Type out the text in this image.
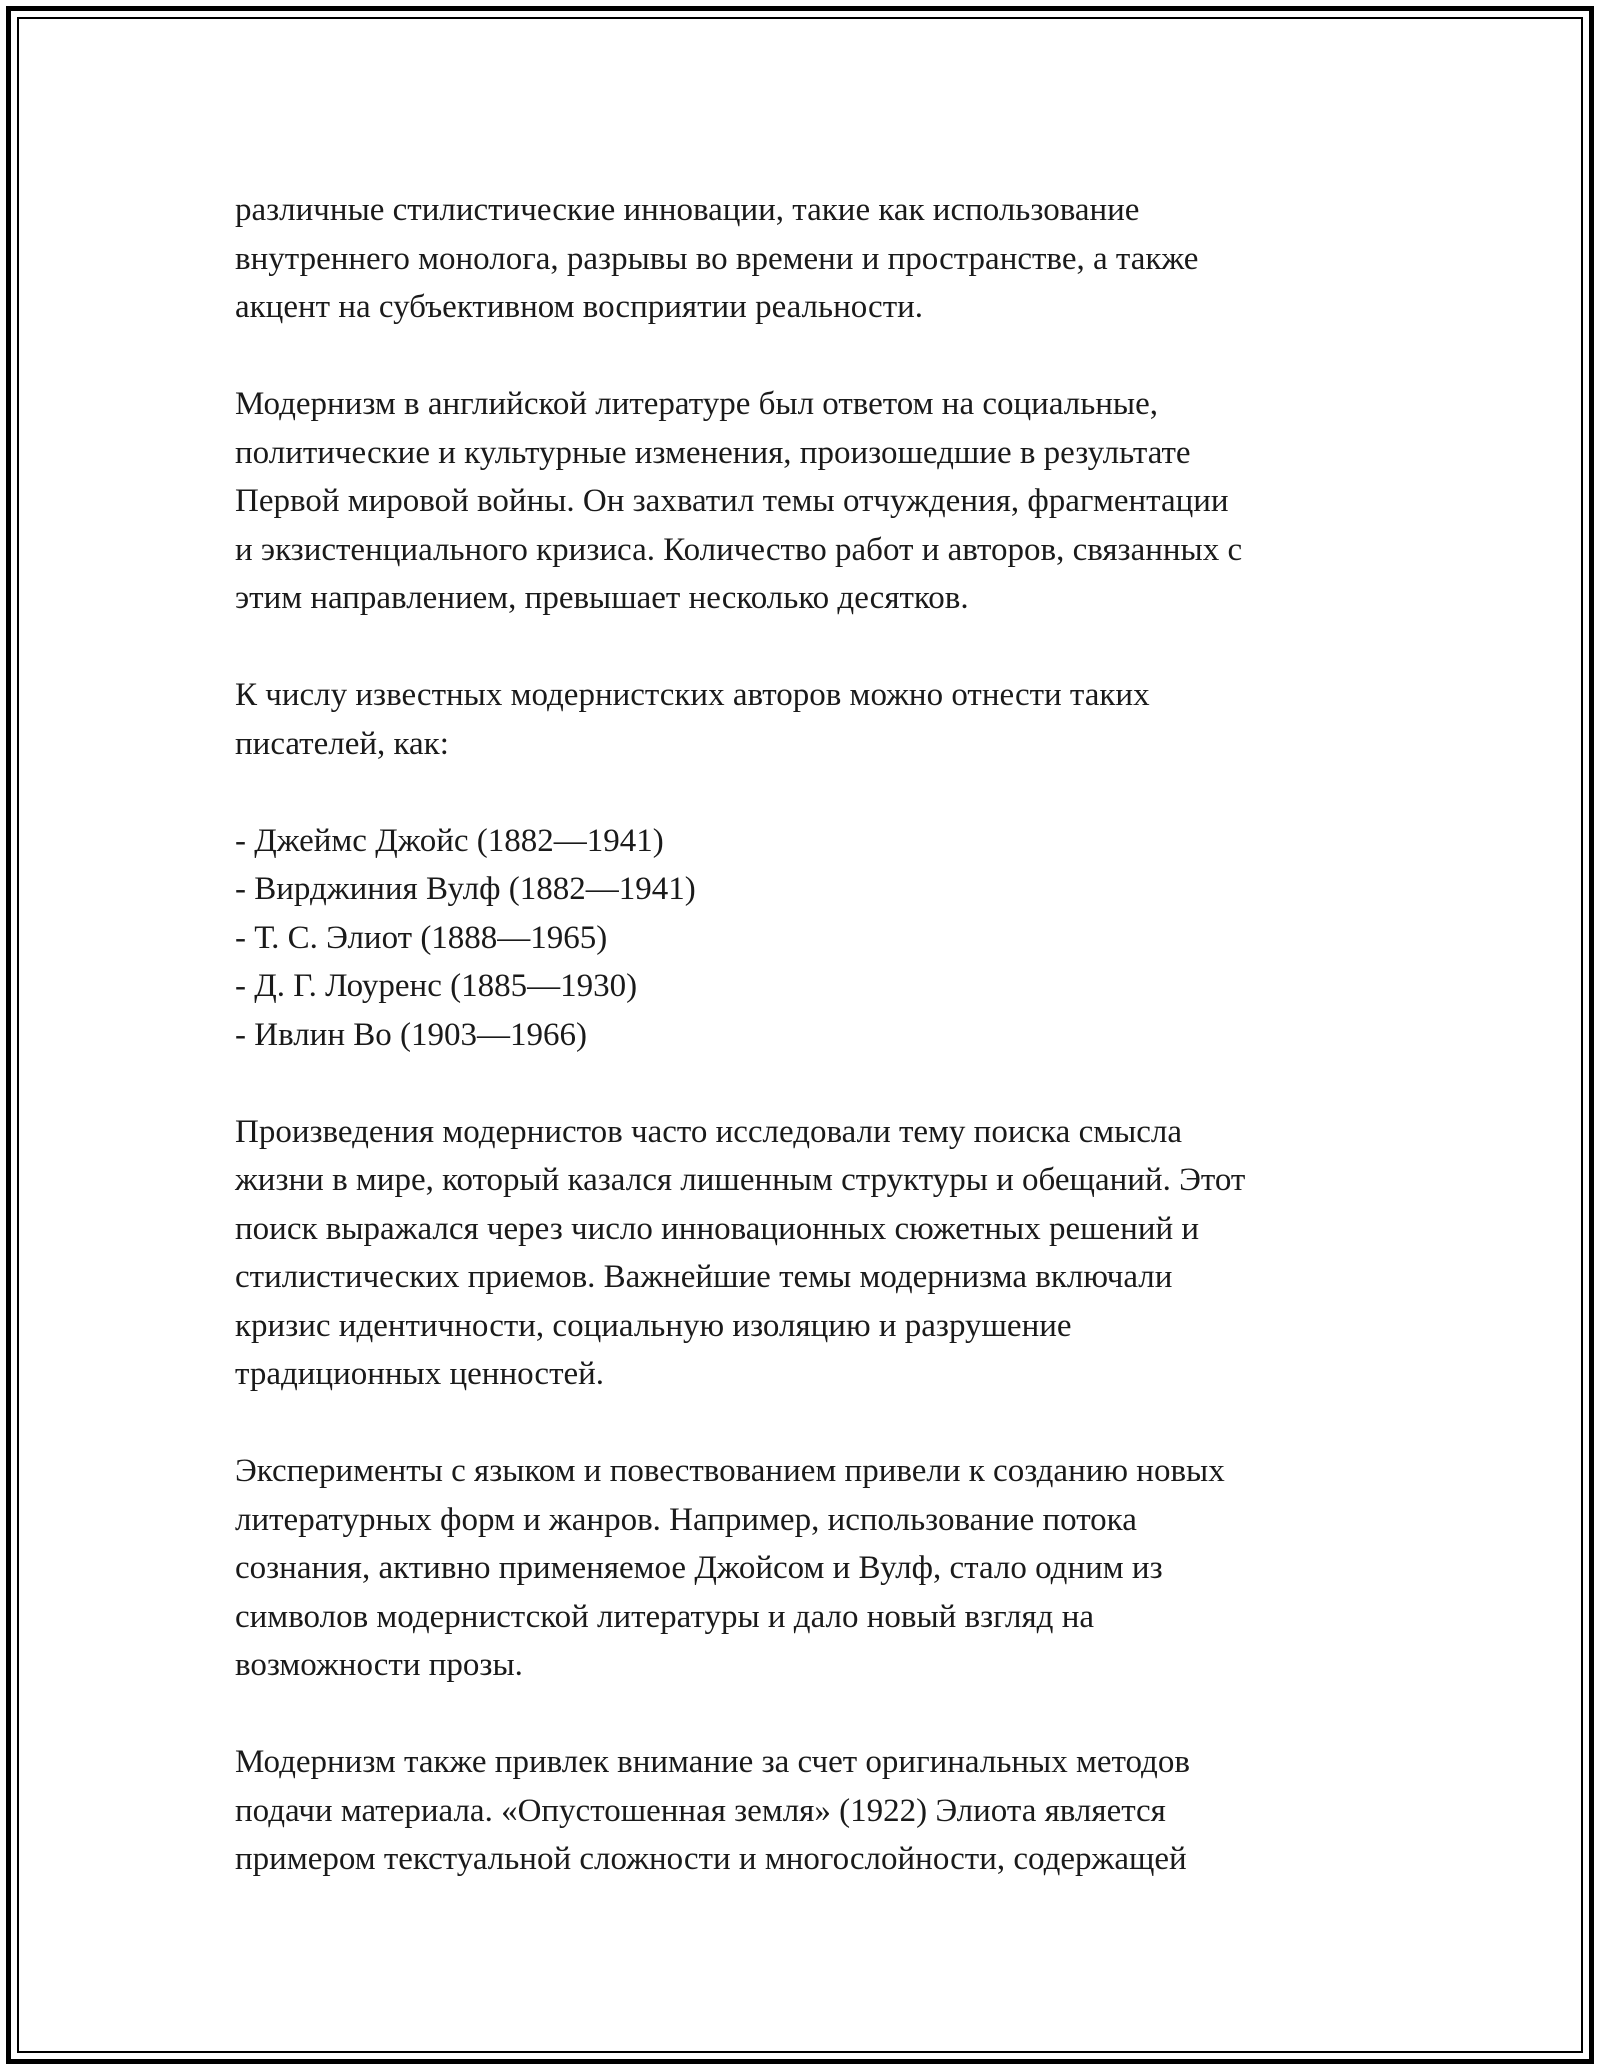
различные стилистические инновации, такие как использование
внутреннего монолога, разрывы во времени и пространстве, а также
акцент на субъективном восприятии реальности.
Модернизм в английской литературе был ответом на социальные,
политические и культурные изменения, произошедшие в результате
Первой мировой войны. Он захватил темы отчуждения, фрагментации
и экзистенциального кризиса. Количество работ и авторов, связанных с
этим направлением, превышает несколько десятков.
К числу известных модернистских авторов можно отнести таких
писателей, как:
- Джеймс Джойс (1882—1941)
- Вирджиния Вулф (1882—1941)
- Т. С. Элиот (1888—1965)
- Д. Г. Лоуренс (1885—1930)
- Ивлин Во (1903—1966)
Произведения модернистов часто исследовали тему поиска смысла
жизни в мире, который казался лишенным структуры и обещаний. Этот
поиск выражался через число инновационных сюжетных решений и
стилистических приемов. Важнейшие темы модернизма включали
кризис идентичности, социальную изоляцию и разрушение
традиционных ценностей.
Эксперименты с языком и повествованием привели к созданию новых
литературных форм и жанров. Например, использование потока
сознания, активно применяемое Джойсом и Вулф, стало одним из
символов модернистской литературы и дало новый взгляд на
возможности прозы.
Модернизм также привлек внимание за счет оригинальных методов
подачи материала. «Опустошенная земля» (1922) Элиота является
примером текстуальной сложности и многослойности, содержащей
